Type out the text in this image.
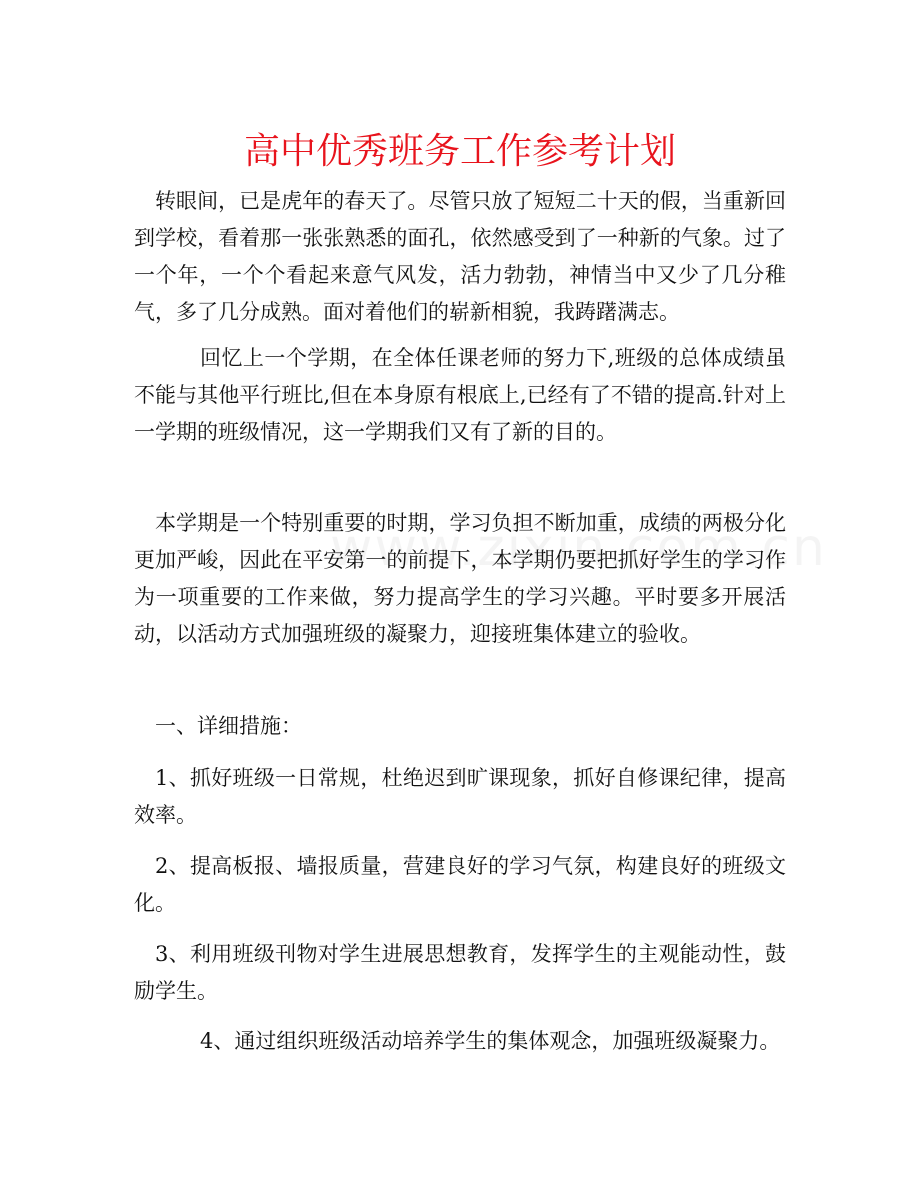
高中优秀班务工作参考计划

转眼间，已是虎年的春天了。尽管只放了短短二十天的假，当重新回到学校，看着那一张张熟悉的面孔，依然感受到了一种新的气象。过了一个年，一个个看起来意气风发，活力勃勃，神情当中又少了几分稚气，多了几分成熟。面对着他们的崭新相貌，我踌躇满志。

回忆上一个学期，在全体任课老师的努力下,班级的总体成绩虽不能与其他平行班比,但在本身原有根底上,已经有了不错的提高.针对上一学期的班级情况，这一学期我们又有了新的目的。

本学期是一个特别重要的时期，学习负担不断加重，成绩的两极分化更加严峻，因此在平安第一的前提下，本学期仍要把抓好学生的学习作为一项重要的工作来做，努力提高学生的学习兴趣。平时要多开展活动，以活动方式加强班级的凝聚力，迎接班集体建立的验收。

一、详细措施：

1、抓好班级一日常规，杜绝迟到旷课现象，抓好自修课纪律，提高效率。

2、提高板报、墙报质量，营建良好的学习气氛，构建良好的班级文化。

3、利用班级刊物对学生进展思想教育，发挥学生的主观能动性，鼓励学生。

4、通过组织班级活动培养学生的集体观念，加强班级凝聚力。
